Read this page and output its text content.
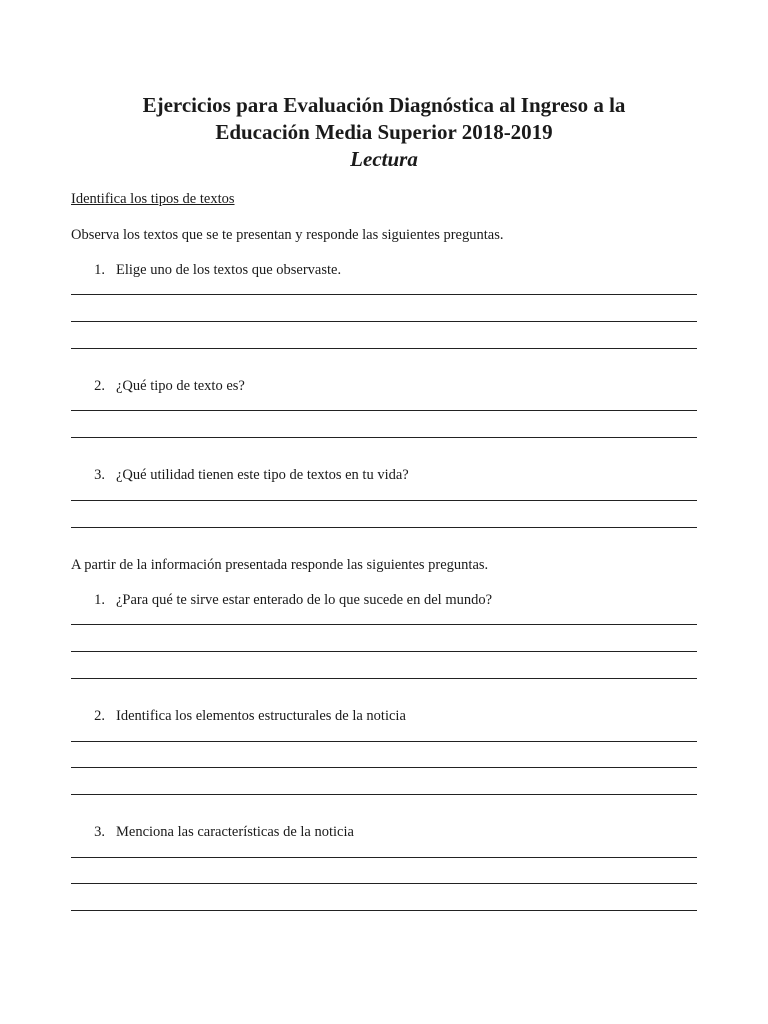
Ejercicios para Evaluación Diagnóstica al Ingreso a la
Educación Media Superior 2018-2019
Lectura
Identifica los tipos de textos
Observa los textos que se te presentan y responde las siguientes preguntas.
1. Elige uno de los textos que observaste.
2. ¿Qué tipo de texto es?
3. ¿Qué utilidad tienen este tipo de textos en tu vida?
A partir de la información presentada responde las siguientes preguntas.
1. ¿Para qué te sirve estar enterado de lo que sucede en del mundo?
2. Identifica los elementos estructurales de la noticia
3. Menciona las características de la noticia
